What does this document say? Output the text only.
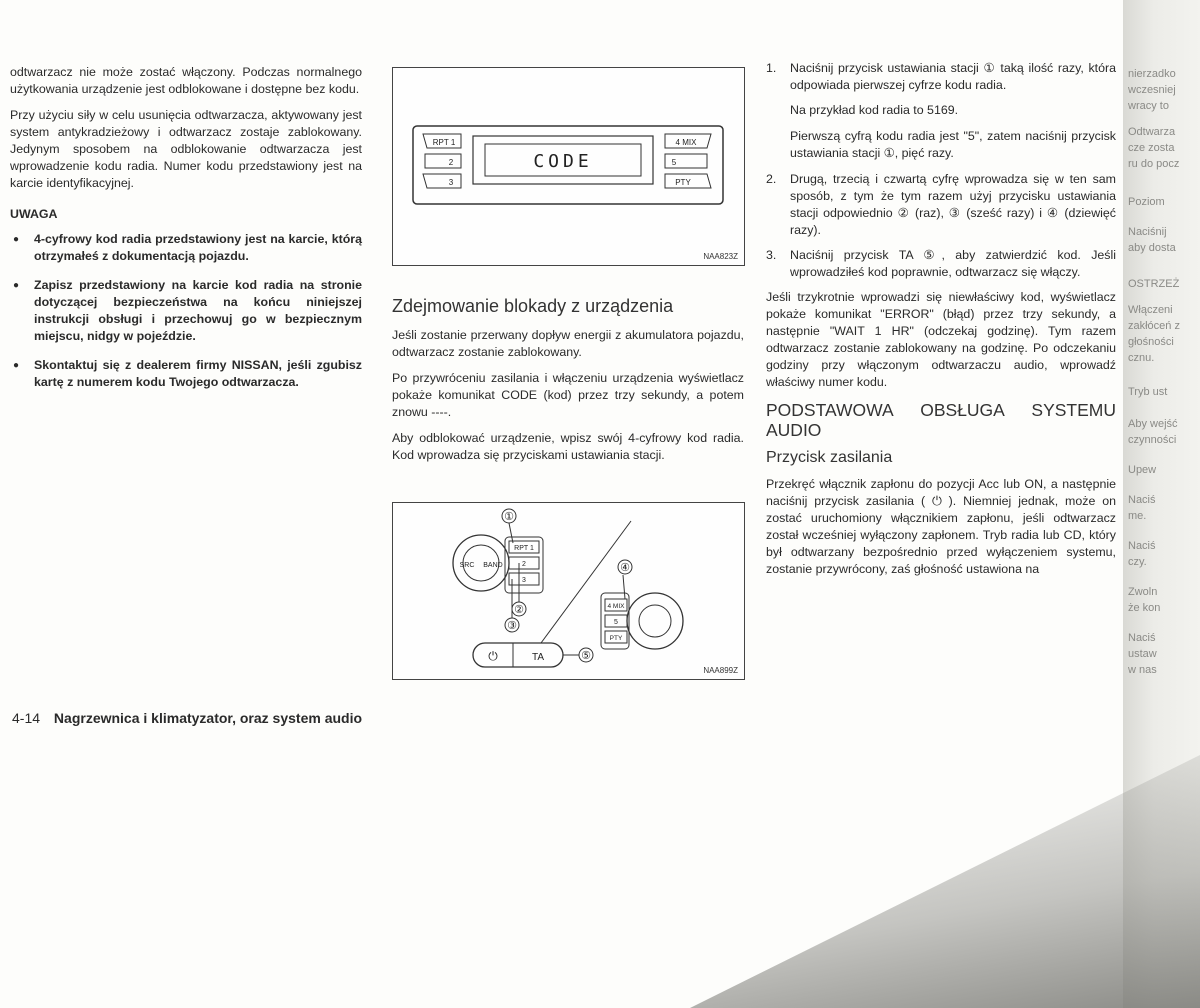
odtwarzacz nie może zostać włączony. Podczas normalnego użytkowania urządzenie jest odblokowane i dostępne bez kodu.

Przy użyciu siły w celu usunięcia odtwarzacza, aktywowany jest system antykradzieżowy i odtwarzacz zostaje zablokowany. Jedynym sposobem na odblokowanie odtwarzacza jest wprowadzenie kodu radia. Numer kodu przedstawiony jest na karcie identyfikacyjnej.

UWAGA
● 4-cyfrowy kod radia przedstawiony jest na karcie, którą otrzymałeś z dokumentacją pojazdu.
● Zapisz przedstawiony na karcie kod radia na stronie dotyczącej bezpieczeństwa na końcu niniejszej instrukcji obsługi i przechowuj go w bezpiecznym miejscu, nidgy w pojeździe.
● Skontaktuj się z dealerem firmy NISSAN, jeśli zgubisz kartę z numerem kodu Twojego odtwarzacza.
CODE
RPT 1
2
3
4 MIX
5
PTY
NAA823Z
Zdejmowanie blokady z urządzenia

Jeśli zostanie przerwany dopływ energii z akumulatora pojazdu, odtwarzacz zostanie zablokowany.

Po przywróceniu zasilania i włączeniu urządzenia wyświetlacz pokaże komunikat CODE (kod) przez trzy sekundy, a potem znowu ----.

Aby odblokować urządzenie, wpisz swój 4-cyfrowy kod radia. Kod wprowadza się przyciskami ustawiania stacji.

SRC BAND
RPT 1
2
3
①
②
③
4 MIX
5
PTY
④
⏻	TA	⑤
NAA899Z
1. Naciśnij przycisk ustawiania stacji ① taką ilość razy, która odpowiada pierwszej cyfrze kodu radia.

Na przykład kod radia to 5169.

Pierwszą cyfrą kodu radia jest "5", zatem naciśnij przycisk ustawiania stacji ①, pięć razy.

2. Drugą, trzecią i czwartą cyfrę wprowadza się w ten sam sposób, z tym że tym razem użyj przycisku ustawiania stacji odpowiednio ② (raz), ③ (sześć razy) i ④ (dziewięć razy).
3. Naciśnij przycisk TA ⑤, aby zatwierdzić kod. Jeśli wprowadziłeś kod poprawnie, odtwarzacz się włączy.

Jeśli trzykrotnie wprowadzi się niewłaściwy kod, wyświetlacz pokaże komunikat "ERROR" (błąd) przez trzy sekundy, a następnie "WAIT 1 HR" (odczekaj godzinę). Tym razem odtwarzacz zostanie zablokowany na godzinę. Po odczekaniu godziny przy włączonym odtwarzaczu audio, wprowadź właściwy numer kodu.

PODSTAWOWA OBSŁUGA SYSTEMU AUDIO
Przycisk zasilania

Przekręć włącznik zapłonu do pozycji Acc lub ON, a następnie naciśnij przycisk zasilania ( ⏻ ). Niemniej jednak, może on zostać uruchomiony włącznikiem zapłonu, jeśli odtwarzacz został wcześniej wyłączony zapłonem. Tryb radia lub CD, który był odtwarzany bezpośrednio przed wyłączeniem systemu, zostanie przywrócony, zaś głośność ustawiona na

4-14 Nagrzewnica i klimatyzator, oraz system audio
nierzadko
wczesniej
wracy to
Odtwarza
cze zosta
ru do pocz
Poziom
Naciśnij
aby dosta
OSTRZEŻ
Włączeni
zakłóceń z
głośności
cznu.
Tryb ust
Aby wejść
czynności
Upew
Naciś
me.
Naciś
czy.
Zwoln
że kon
Naciś
ustaw
w nas
